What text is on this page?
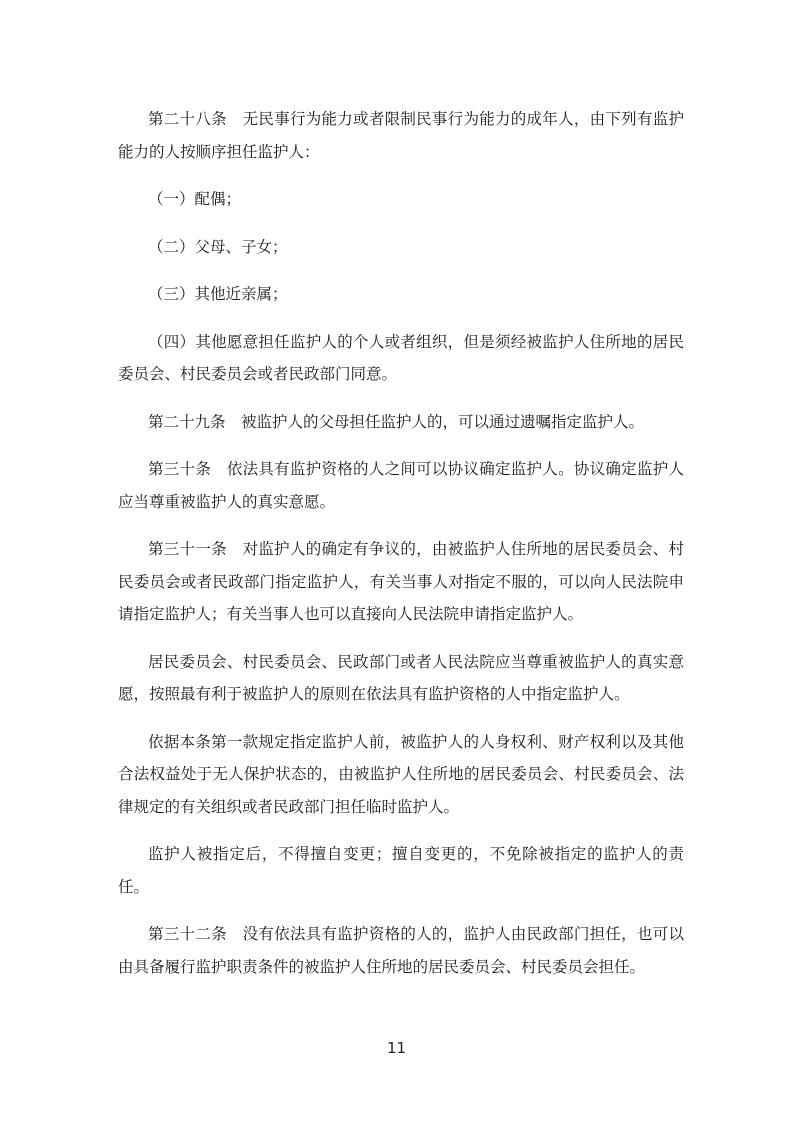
第二十八条　无民事行为能力或者限制民事行为能力的成年人，由下列有监护能力的人按顺序担任监护人：

（一）配偶；

（二）父母、子女；

（三）其他近亲属；

（四）其他愿意担任监护人的个人或者组织，但是须经被监护人住所地的居民委员会、村民委员会或者民政部门同意。

第二十九条　被监护人的父母担任监护人的，可以通过遗嘱指定监护人。

第三十条　依法具有监护资格的人之间可以协议确定监护人。协议确定监护人应当尊重被监护人的真实意愿。

第三十一条　对监护人的确定有争议的，由被监护人住所地的居民委员会、村民委员会或者民政部门指定监护人，有关当事人对指定不服的，可以向人民法院申请指定监护人；有关当事人也可以直接向人民法院申请指定监护人。

居民委员会、村民委员会、民政部门或者人民法院应当尊重被监护人的真实意愿，按照最有利于被监护人的原则在依法具有监护资格的人中指定监护人。

依据本条第一款规定指定监护人前，被监护人的人身权利、财产权利以及其他合法权益处于无人保护状态的，由被监护人住所地的居民委员会、村民委员会、法律规定的有关组织或者民政部门担任临时监护人。

监护人被指定后，不得擅自变更；擅自变更的，不免除被指定的监护人的责任。

第三十二条　没有依法具有监护资格的人的，监护人由民政部门担任，也可以由具备履行监护职责条件的被监护人住所地的居民委员会、村民委员会担任。

11
